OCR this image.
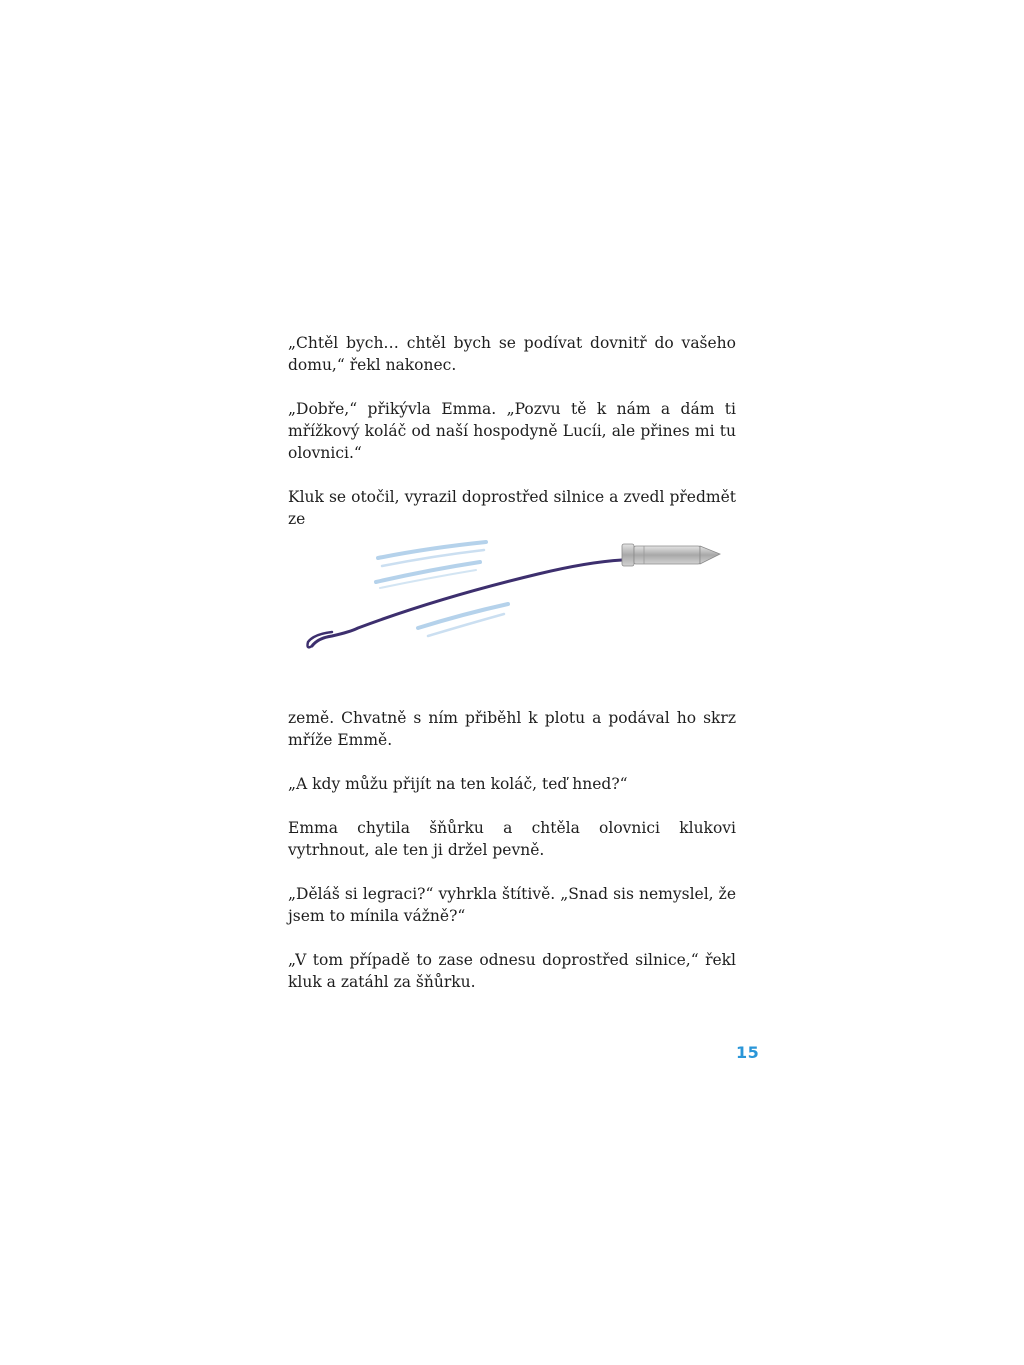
„Chtěl bych… chtěl bych se podívat dovnitř do vašeho domu,“ řekl nakonec.

„Dobře,“ přikývla Emma. „Pozvu tě k nám a dám ti mřížkový koláč od naší hospodyně Lucíi, ale přines mi tu olovnici.“

Kluk se otočil, vyrazil doprostřed silnice a zvedl předmět ze

země. Chvatně s ním přiběhl k plotu a podával ho skrz mříže Emmě.

„A kdy můžu přijít na ten koláč, teď hned?“

Emma chytila šňůrku a chtěla olovnici klukovi vytrhnout, ale ten ji držel pevně.

„Děláš si legraci?“ vyhrkla štítivě. „Snad sis nemyslel, že jsem to mínila vážně?“

„V tom případě to zase odnesu doprostřed silnice,“ řekl kluk a zatáhl za šňůrku.

15
